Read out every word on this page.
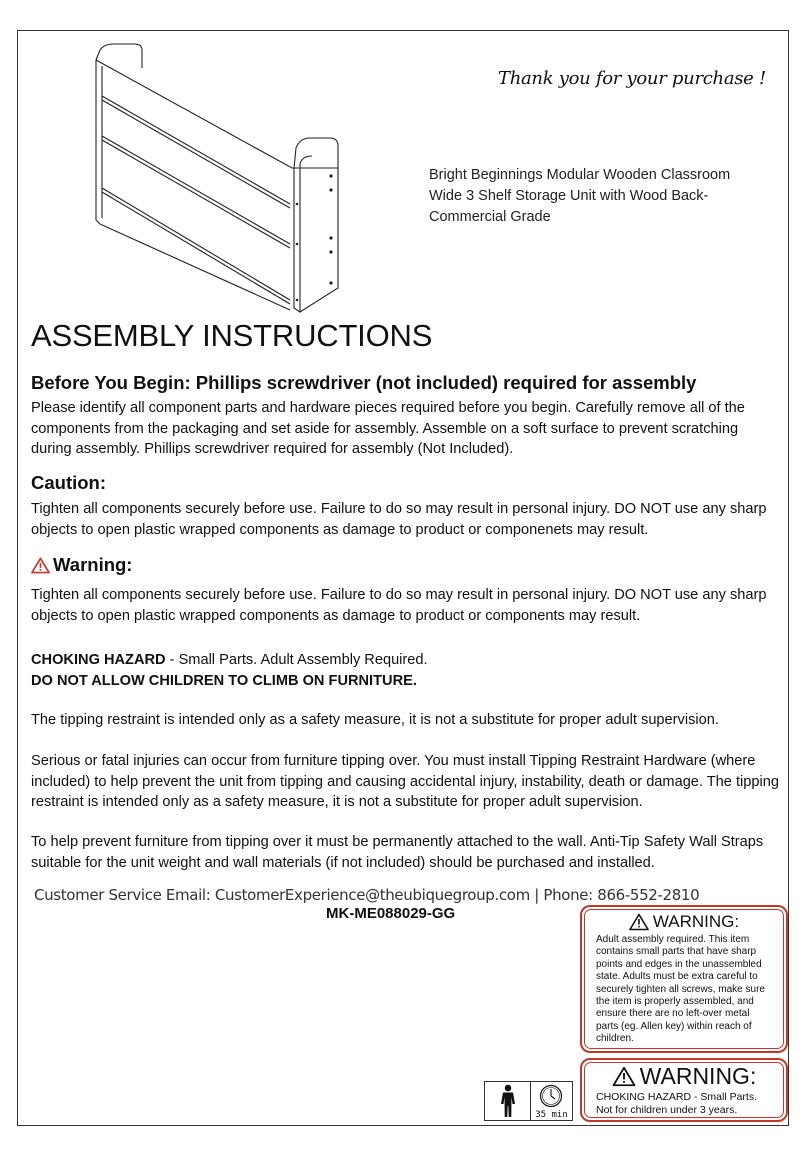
Thank you for your purchase !
Bright Beginnings Modular Wooden Classroom Wide 3 Shelf Storage Unit with Wood Back-Commercial Grade
ASSEMBLY INSTRUCTIONS
Before You Begin: Phillips screwdriver (not included) required for assembly

Please identify all component parts and hardware pieces required before you begin. Carefully remove all of the components from the packaging and set aside for assembly. Assemble on a soft surface to prevent scratching during assembly. Phillips screwdriver required for assembly (Not Included).

Caution:

Tighten all components securely before use. Failure to do so may result in personal injury. DO NOT use any sharp objects to open plastic wrapped components as damage to product or componenets may result.

Warning:

Tighten all components securely before use. Failure to do so may result in personal injury. DO NOT use any sharp objects to open plastic wrapped components as damage to product or components may result.

CHOKING HAZARD - Small Parts. Adult Assembly Required.
DO NOT ALLOW CHILDREN TO CLIMB ON FURNITURE.

The tipping restraint is intended only as a safety measure, it is not a substitute for proper adult supervision.

Serious or fatal injuries can occur from furniture tipping over. You must install Tipping Restraint Hardware (where included) to help prevent the unit from tipping and causing accidental injury, instability, death or damage. The tipping restraint is intended only as a safety measure, it is not a substitute for proper adult supervision.

To help prevent furniture from tipping over it must be permanently attached to the wall. Anti-Tip Safety Wall Straps suitable for the unit weight and wall materials (if not included) should be purchased and installed.

Customer Service Email: CustomerExperience@theubiquegroup.com | Phone: 866-552-2810
MK-ME088029-GG	WARNING:
Adult assembly required. This item contains small parts that have sharp points and edges in the unassembled state. Adults must be extra careful to securely tighten all screws, make sure the item is properly assembled, and ensure there are no left-over metal parts (eg. Allen key) within reach of children.
WARNING:
CHOKING HAZARD - Small Parts. Not for children under 3 years.
35 min
